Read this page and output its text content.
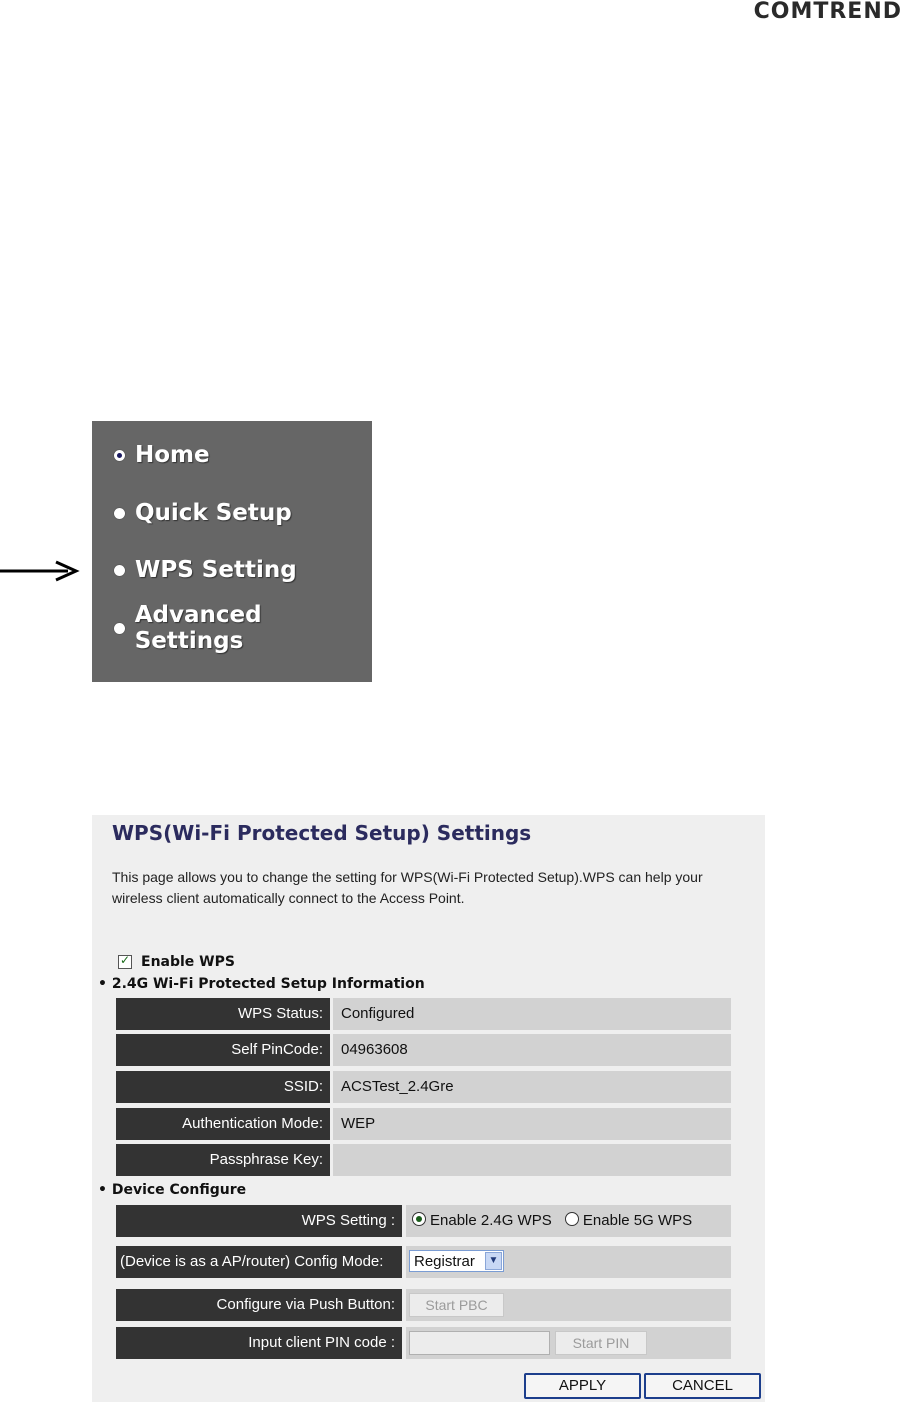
COMTREND
Home
Quick Setup
WPS Setting
Advanced Settings
WPS(Wi-Fi Protected Setup) Settings
This page allows you to change the setting for WPS(Wi-Fi Protected Setup).WPS can help your wireless client automatically connect to the Access Point.
✓
Enable WPS
• 2.4G Wi-Fi Protected Setup Information
WPS Status:	Configured
Self PinCode:	04963608
SSID:	ACSTest_2.4Gre
Authentication Mode:	WEP
Passphrase Key:
• Device Configure
WPS Setting :	Enable 2.4G WPS Enable 5G WPS
(Device is as a AP/router) Config Mode:	Registrar	▼
Configure via Push Button:	Start PBC
Input client PIN code :	Start PIN
APPLY	CANCEL
